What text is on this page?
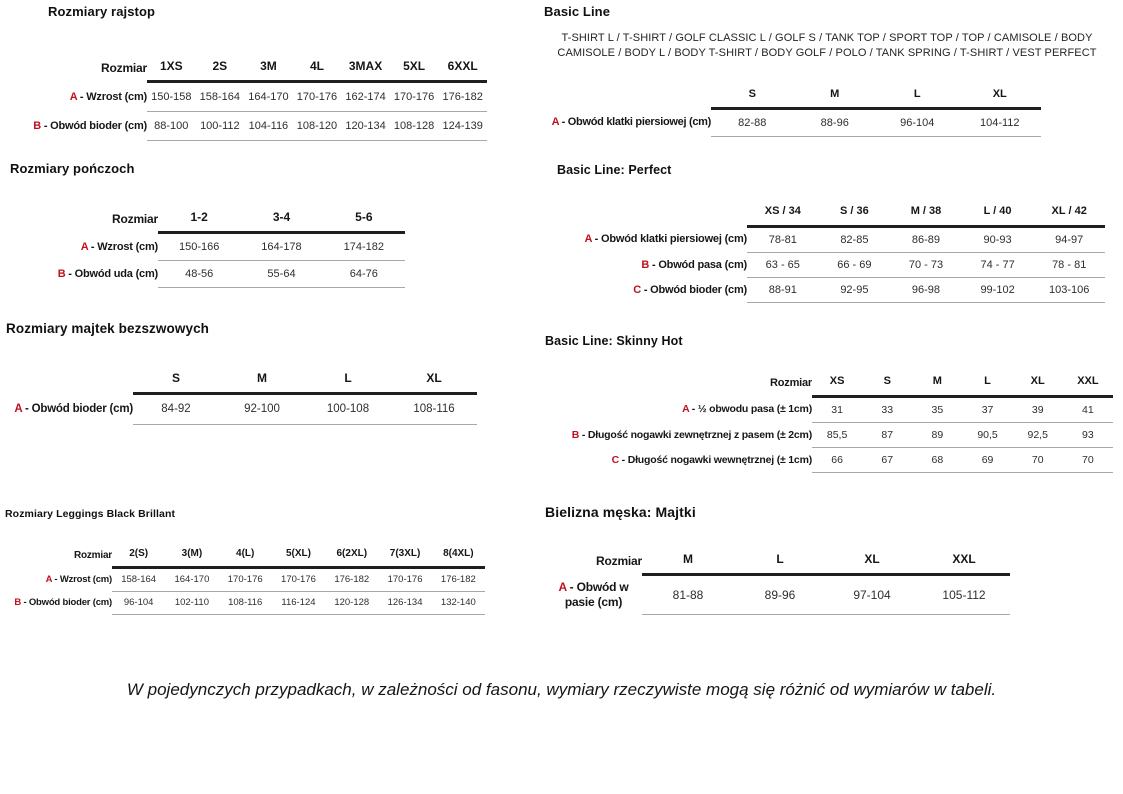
Rozmiary rajstop
Rozmiar	1XS	2S	3M	4L	3MAX	5XL	6XXL
A - Wzrost (cm)	150-158	158-164	164-170	170-176	162-174	170-176	176-182
B - Obwód bioder (cm)	88-100	100-112	104-116	108-120	120-134	108-128	124-139
Rozmiary pończoch
Rozmiar	1-2	3-4	5-6
A - Wzrost (cm)	150-166	164-178	174-182
B - Obwód uda (cm)	48-56	55-64	64-76
Rozmiary majtek bezszwowych
	S	M	L	XL
A - Obwód bioder (cm)	84-92	92-100	100-108	108-116
Rozmiary Leggings Black Brillant
Rozmiar	2(S)	3(M)	4(L)	5(XL)	6(2XL)	7(3XL)	8(4XL)
A - Wzrost (cm)	158-164	164-170	170-176	170-176	176-182	170-176	176-182
B - Obwód bioder (cm)	96-104	102-110	108-116	116-124	120-128	126-134	132-140
Basic Line
T-SHIRT L / T-SHIRT / GOLF CLASSIC L / GOLF S / TANK TOP / SPORT TOP / TOP / CAMISOLE / BODY CAMISOLE / BODY L / BODY T-SHIRT / BODY GOLF / POLO / TANK SPRING / T-SHIRT / VEST PERFECT
	S	M	L	XL
A - Obwód klatki piersiowej (cm)	82-88	88-96	96-104	104-112
Basic Line: Perfect
	XS / 34	S / 36	M / 38	L / 40	XL / 42
A - Obwód klatki piersiowej (cm)	78-81	82-85	86-89	90-93	94-97
B - Obwód pasa (cm)	63 - 65	66 - 69	70 - 73	74 - 77	78 - 81
C - Obwód bioder (cm)	88-91	92-95	96-98	99-102	103-106
Basic Line: Skinny Hot
Rozmiar	XS	S	M	L	XL	XXL
A - ½ obwodu pasa (± 1cm)	31	33	35	37	39	41
B - Długość nogawki zewnętrznej z pasem (± 2cm)	85,5	87	89	90,5	92,5	93
C - Długość nogawki wewnętrznej (± 1cm)	66	67	68	69	70	70
Bielizna męska: Majtki
Rozmiar	M	L	XL	XXL
A - Obwód w pasie (cm)	81-88	89-96	97-104	105-112

W pojedynczych przypadkach, w zależności od fasonu, wymiary rzeczywiste mogą się różnić od wymiarów w tabeli.
